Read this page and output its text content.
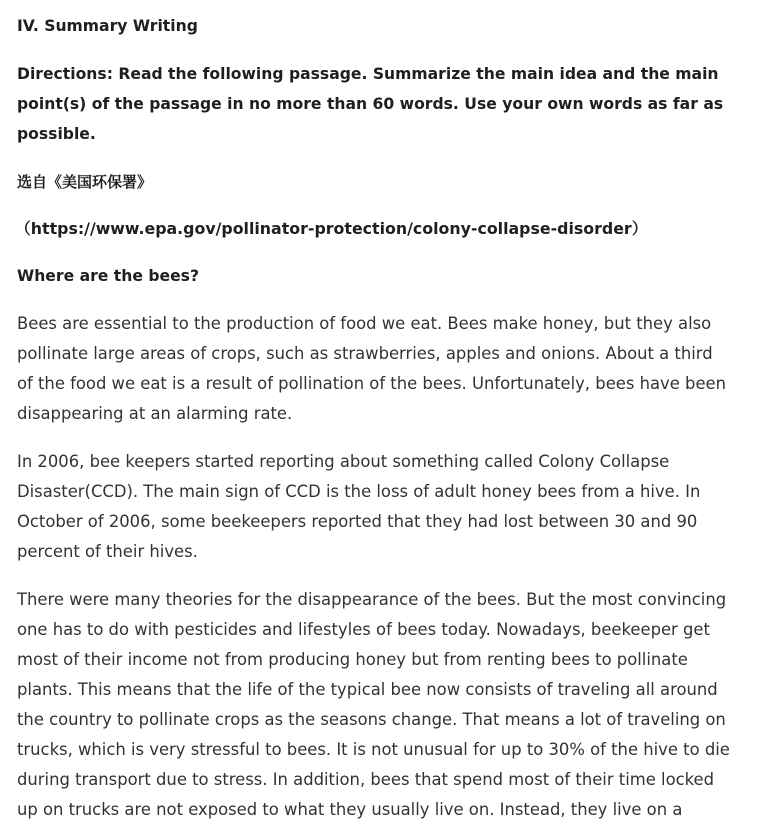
IV. Summary Writing
Directions: Read the following passage. Summarize the main idea and the main
point(s) of the passage in no more than 60 words. Use your own words as far as
possible.
选自《美国环保署》
（https://www.epa.gov/pollinator-protection/colony-collapse-disorder）
Where are the bees?
Bees are essential to the production of food we eat. Bees make honey, but they also
pollinate large areas of crops, such as strawberries, apples and onions. About a third
of the food we eat is a result of pollination of the bees. Unfortunately, bees have been
disappearing at an alarming rate.
In 2006, bee keepers started reporting about something called Colony Collapse
Disaster(CCD). The main sign of CCD is the loss of adult honey bees from a hive. In
October of 2006, some beekeepers reported that they had lost between 30 and 90
percent of their hives.
There were many theories for the disappearance of the bees. But the most convincing
one has to do with pesticides and lifestyles of bees today. Nowadays, beekeeper get
most of their income not from producing honey but from renting bees to pollinate
plants. This means that the life of the typical bee now consists of traveling all around
the country to pollinate crops as the seasons change. That means a lot of traveling on
trucks, which is very stressful to bees. It is not unusual for up to 30% of the hive to die
during transport due to stress. In addition, bees that spend most of their time locked
up on trucks are not exposed to what they usually live on. Instead, they live on a
